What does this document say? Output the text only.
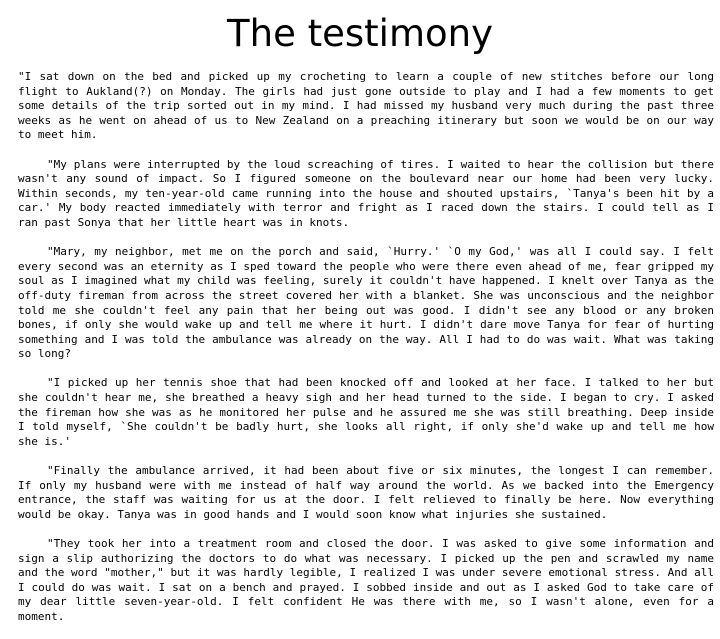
The testimony

"I sat down on the bed and picked up my crocheting to learn a couple of new stitches before our long flight to Aukland(?) on Monday. The girls had just gone outside to play and I had a few moments to get some details of the trip sorted out in my mind. I had missed my husband very much during the past three weeks as he went on ahead of us to New Zealand on a preaching itinerary but soon we would be on our way to meet him.

"My plans were interrupted by the loud screaching of tires. I waited to hear the collision but there wasn't any sound of impact. So I figured someone on the boulevard near our home had been very lucky. Within seconds, my ten-year-old came running into the house and shouted upstairs, `Tanya's been hit by a car.' My body reacted immediately with terror and fright as I raced down the stairs. I could tell as I ran past Sonya that her little heart was in knots.

"Mary, my neighbor, met me on the porch and said, `Hurry.' `O my God,' was all I could say. I felt every second was an eternity as I sped toward the people who were there even ahead of me, fear gripped my soul as I imagined what my child was feeling, surely it couldn't have happened. I knelt over Tanya as the off-duty fireman from across the street covered her with a blanket. She was unconscious and the neighbor told me she couldn't feel any pain that her being out was good. I didn't see any blood or any broken bones, if only she would wake up and tell me where it hurt. I didn't dare move Tanya for fear of hurting something and I was told the ambulance was already on the way. All I had to do was wait. What was taking so long?

"I picked up her tennis shoe that had been knocked off and looked at her face. I talked to her but she couldn't hear me, she breathed a heavy sigh and her head turned to the side. I began to cry. I asked the fireman how she was as he monitored her pulse and he assured me she was still breathing. Deep inside I told myself, `She couldn't be badly hurt, she looks all right, if only she'd wake up and tell me how she is.'

"Finally the ambulance arrived, it had been about five or six minutes, the longest I can remember. If only my husband were with me instead of half way around the world. As we backed into the Emergency entrance, the staff was waiting for us at the door. I felt relieved to finally be here. Now everything would be okay. Tanya was in good hands and I would soon know what injuries she sustained.

"They took her into a treatment room and closed the door. I was asked to give some information and sign a slip authorizing the doctors to do what was necessary. I picked up the pen and scrawled my name and the word "mother," but it was hardly legible, I realized I was under severe emotional stress. And all I could do was wait. I sat on a bench and prayed. I sobbed inside and out as I asked God to take care of my dear little seven-year-old. I felt confident He was there with me, so I wasn't alone, even for a moment.
